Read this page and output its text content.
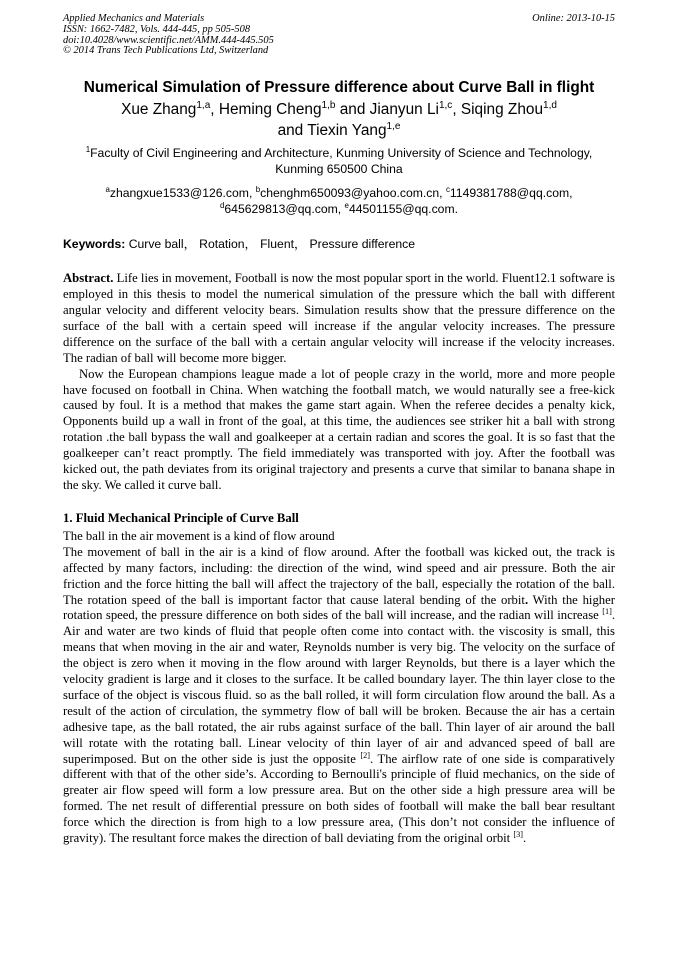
Applied Mechanics and Materials
ISSN: 1662-7482, Vols. 444-445, pp 505-508
doi:10.4028/www.scientific.net/AMM.444-445.505
© 2014 Trans Tech Publications Ltd, Switzerland
Online: 2013-10-15
Numerical Simulation of Pressure difference about Curve Ball in flight
Xue Zhang$^{1,a}$, Heming Cheng$^{1,b}$ and Jianyun Li$^{1,c}$, Siqing Zhou$^{1,d}$
and Tiexin Yang$^{1,e}$
$^1$Faculty of Civil Engineering and Architecture, Kunming University of Science and Technology,
Kunming 650500 China
$^a$zhangxue1533@126.com, $^b$chenghm650093@yahoo.com.cn, $^c$1149381788@qq.com,
$^d$645629813@qq.com, $^e$44501155@qq.com.
Keywords: Curve ball， Rotation， Fluent， Pressure difference

Abstract. Life lies in movement, Football is now the most popular sport in the world. Fluent12.1 software is employed in this thesis to model the numerical simulation of the pressure which the ball with different angular velocity and different velocity bears. Simulation results show that the pressure difference on the surface of the ball with a certain speed will increase if the angular velocity increases. The pressure difference on the surface of the ball with a certain angular velocity will increase if the velocity increases. The radian of ball will become more bigger.

Now the European champions league made a lot of people crazy in the world, more and more people have focused on football in China. When watching the football match, we would naturally see a free-kick caused by foul. It is a method that makes the game start again. When the referee decides a penalty kick, Opponents build up a wall in front of the goal, at this time, the audiences see striker hit a ball with strong rotation .the ball bypass the wall and goalkeeper at a certain radian and scores the goal. It is so fast that the goalkeeper can’t react promptly. The field immediately was transported with joy. After the football was kicked out, the path deviates from its original trajectory and presents a curve that similar to banana shape in the sky. We called it curve ball.

1. Fluid Mechanical Principle of Curve Ball

The ball in the air movement is a kind of flow around

The movement of ball in the air is a kind of flow around. After the football was kicked out, the track is affected by many factors, including: the direction of the wind, wind speed and air pressure. Both the air friction and the force hitting the ball will affect the trajectory of the ball, especially the rotation of the ball. The rotation speed of the ball is important factor that cause lateral bending of the orbit. With the higher rotation speed, the pressure difference on both sides of the ball will increase, and the radian will increase [1]. Air and water are two kinds of fluid that people often come into contact with. the viscosity is small, this means that when moving in the air and water, Reynolds number is very big. The velocity on the surface of the object is zero when it moving in the flow around with larger Reynolds, but there is a layer which the velocity gradient is large and it closes to the surface. It be called boundary layer. The thin layer close to the surface of the object is viscous fluid. so as the ball rolled, it will form circulation flow around the ball. As a result of the action of circulation, the symmetry flow of ball will be broken. Because the air has a certain adhesive tape, as the ball rotated, the air rubs against surface of the ball. Thin layer of air around the ball will rotate with the rotating ball. Linear velocity of thin layer of air and advanced speed of ball are superimposed. But on the other side is just the opposite [2]. The airflow rate of one side is comparatively different with that of the other side’s. According to Bernoulli's principle of fluid mechanics, on the side of greater air flow speed will form a low pressure area. But on the other side a high pressure area will be formed. The net result of differential pressure on both sides of football will make the ball bear resultant force which the direction is from high to a low pressure area, (This don’t not consider the influence of gravity). The resultant force makes the direction of ball deviating from the original orbit [3].
